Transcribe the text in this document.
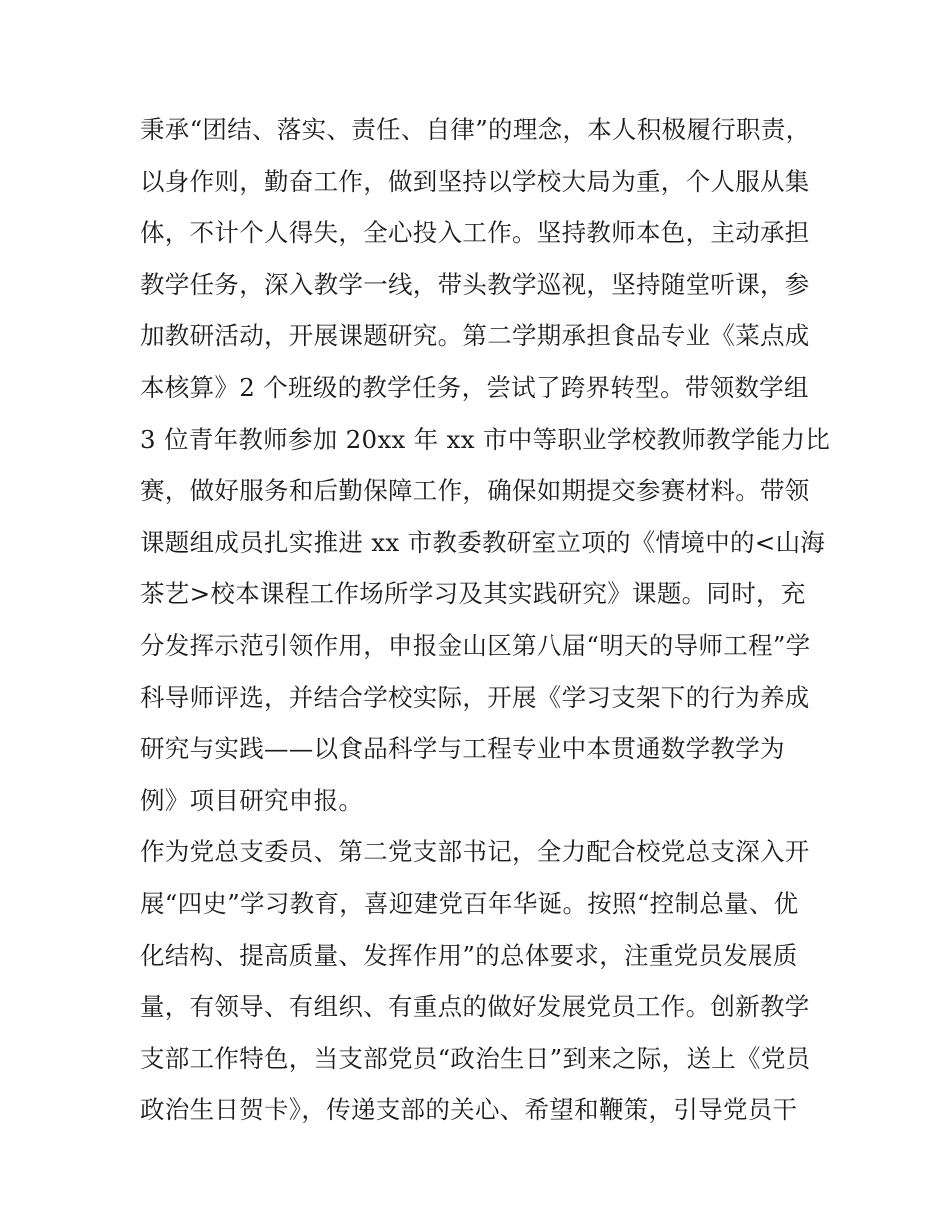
秉承“团结、落实、责任、自律”的理念，本人积极履行职责，
以身作则，勤奋工作，做到坚持以学校大局为重，个人服从集
体，不计个人得失，全心投入工作。坚持教师本色，主动承担
教学任务，深入教学一线，带头教学巡视，坚持随堂听课，参
加教研活动，开展课题研究。第二学期承担食品专业《菜点成
本核算》2 个班级的教学任务，尝试了跨界转型。带领数学组
3 位青年教师参加 20xx 年 xx 市中等职业学校教师教学能力比
赛，做好服务和后勤保障工作，确保如期提交参赛材料。带领
课题组成员扎实推进 xx 市教委教研室立项的《情境中的<山海
茶艺>校本课程工作场所学习及其实践研究》课题。同时，充
分发挥示范引领作用，申报金山区第八届“明天的导师工程”学
科导师评选，并结合学校实际，开展《学习支架下的行为养成
研究与实践——以食品科学与工程专业中本贯通数学教学为
例》项目研究申报。
作为党总支委员、第二党支部书记，全力配合校党总支深入开
展“四史”学习教育，喜迎建党百年华诞。按照“控制总量、优
化结构、提高质量、发挥作用”的总体要求，注重党员发展质
量，有领导、有组织、有重点的做好发展党员工作。创新教学
支部工作特色，当支部党员“政治生日”到来之际，送上《党员
政治生日贺卡》，传递支部的关心、希望和鞭策，引导党员干
